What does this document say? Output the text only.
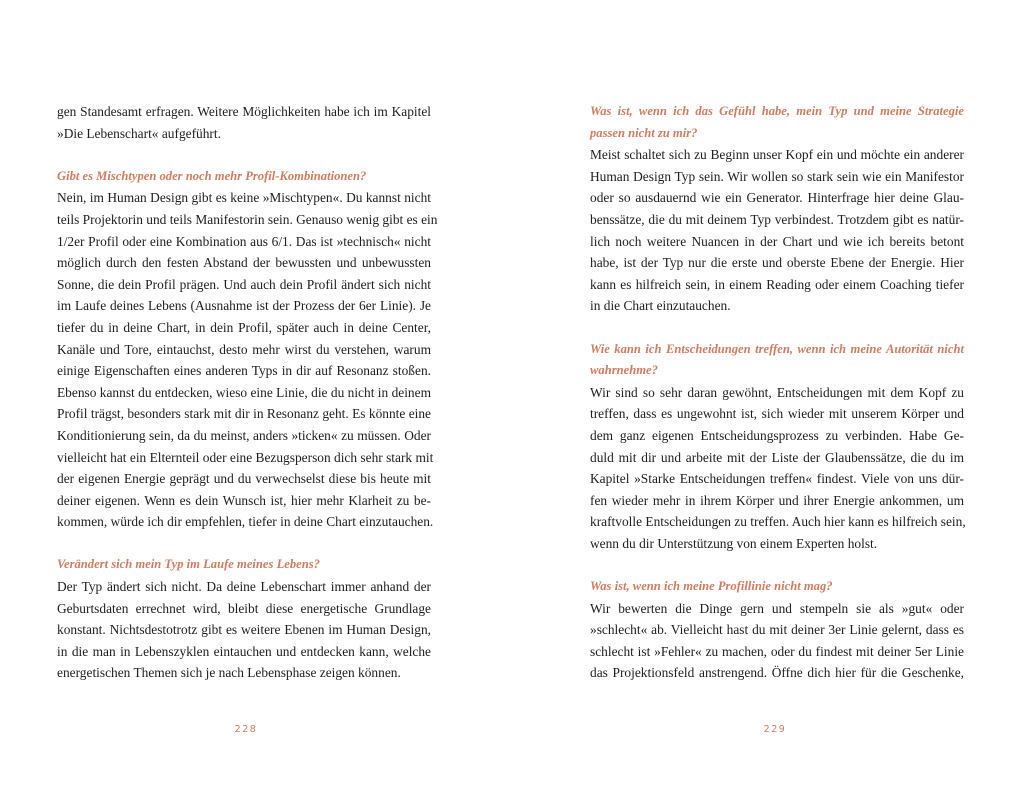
gen Standesamt erfragen. Weitere Möglichkeiten habe ich im Kapitel
»Die Lebenschart« aufgeführt.
Gibt es Mischtypen oder noch mehr Profil-Kombinationen?
Nein, im Human Design gibt es keine »Mischtypen«. Du kannst nicht
teils Projektorin und teils Manifestorin sein. Genauso wenig gibt es ein
1/2er Profil oder eine Kombination aus 6/1. Das ist »technisch« nicht
möglich durch den festen Abstand der bewussten und unbewussten
Sonne, die dein Profil prägen. Und auch dein Profil ändert sich nicht
im Laufe deines Lebens (Ausnahme ist der Prozess der 6er Linie). Je
tiefer du in deine Chart, in dein Profil, später auch in deine Center,
Kanäle und Tore, eintauchst, desto mehr wirst du verstehen, warum
einige Eigenschaften eines anderen Typs in dir auf Resonanz stoßen.
Ebenso kannst du entdecken, wieso eine Linie, die du nicht in deinem
Profil trägst, besonders stark mit dir in Resonanz geht. Es könnte eine
Konditionierung sein, da du meinst, anders »ticken« zu müssen. Oder
vielleicht hat ein Elternteil oder eine Bezugsperson dich sehr stark mit
der eigenen Energie geprägt und du verwechselst diese bis heute mit
deiner eigenen. Wenn es dein Wunsch ist, hier mehr Klarheit zu be-
kommen, würde ich dir empfehlen, tiefer in deine Chart einzutauchen.
Verändert sich mein Typ im Laufe meines Lebens?
Der Typ ändert sich nicht. Da deine Lebenschart immer anhand der
Geburtsdaten errechnet wird, bleibt diese energetische Grundlage
konstant. Nichtsdestotrotz gibt es weitere Ebenen im Human Design,
in die man in Lebenszyklen eintauchen und entdecken kann, welche
energetischen Themen sich je nach Lebensphase zeigen können.
Was ist, wenn ich das Gefühl habe, mein Typ und meine Strategie
passen nicht zu mir?
Meist schaltet sich zu Beginn unser Kopf ein und möchte ein anderer
Human Design Typ sein. Wir wollen so stark sein wie ein Manifestor
oder so ausdauernd wie ein Generator. Hinterfrage hier deine Glau-
benssätze, die du mit deinem Typ verbindest. Trotzdem gibt es natür-
lich noch weitere Nuancen in der Chart und wie ich bereits betont
habe, ist der Typ nur die erste und oberste Ebene der Energie. Hier
kann es hilfreich sein, in einem Reading oder einem Coaching tiefer
in die Chart einzutauchen.
Wie kann ich Entscheidungen treffen, wenn ich meine Autorität nicht
wahrnehme?
Wir sind so sehr daran gewöhnt, Entscheidungen mit dem Kopf zu
treffen, dass es ungewohnt ist, sich wieder mit unserem Körper und
dem ganz eigenen Entscheidungsprozess zu verbinden. Habe Ge-
duld mit dir und arbeite mit der Liste der Glaubenssätze, die du im
Kapitel »Starke Entscheidungen treffen« findest. Viele von uns dür-
fen wieder mehr in ihrem Körper und ihrer Energie ankommen, um
kraftvolle Entscheidungen zu treffen. Auch hier kann es hilfreich sein,
wenn du dir Unterstützung von einem Experten holst.
Was ist, wenn ich meine Profillinie nicht mag?
Wir bewerten die Dinge gern und stempeln sie als »gut« oder
»schlecht« ab. Vielleicht hast du mit deiner 3er Linie gelernt, dass es
schlecht ist »Fehler« zu machen, oder du findest mit deiner 5er Linie
das Projektionsfeld anstrengend. Öffne dich hier für die Geschenke,
228	229
